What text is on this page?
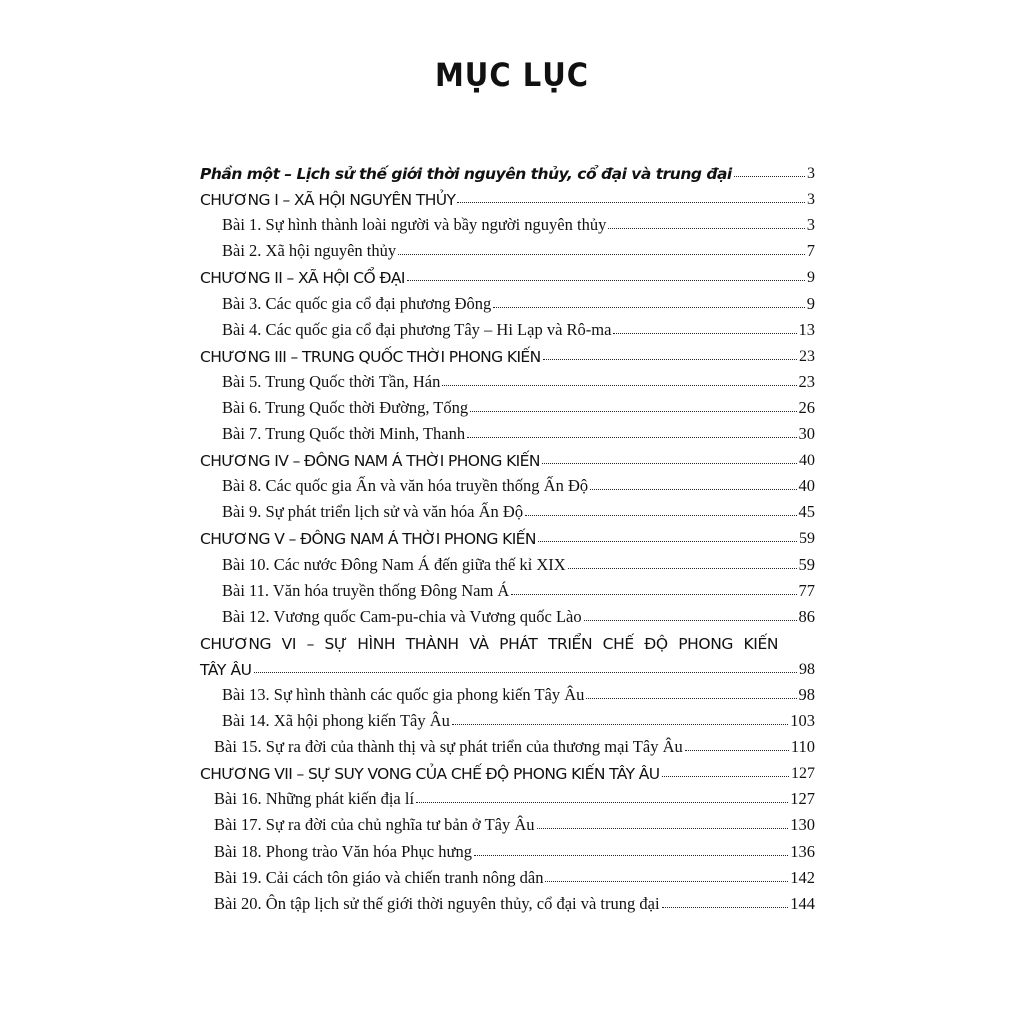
MỤC LỤC
Phần một – Lịch sử thế giới thời nguyên thủy, cổ đại và trung đại	3
CHƯƠNG I – XÃ HỘI NGUYÊN THỦY	3
Bài 1. Sự hình thành loài người và bầy người nguyên thủy	3
Bài 2. Xã hội nguyên thủy	7
CHƯƠNG II – XÃ HỘI CỔ ĐẠI	9
Bài 3. Các quốc gia cổ đại phương Đông	9
Bài 4. Các quốc gia cổ đại phương Tây – Hi Lạp và Rô-ma	13
CHƯƠNG III – TRUNG QUỐC THỜI PHONG KIẾN	23
Bài 5. Trung Quốc thời Tần, Hán	23
Bài 6. Trung Quốc thời Đường, Tống	26
Bài 7. Trung Quốc thời Minh, Thanh	30
CHƯƠNG IV – ĐÔNG NAM Á THỜI PHONG KIẾN	40
Bài 8. Các quốc gia Ấn và văn hóa truyền thống Ấn Độ	40
Bài 9. Sự phát triển lịch sử và văn hóa Ấn Độ	45
CHƯƠNG V – ĐÔNG NAM Á THỜI PHONG KIẾN	59
Bài 10. Các nước Đông Nam Á đến giữa thế kỉ XIX	59
Bài 11. Văn hóa truyền thống Đông Nam Á	77
Bài 12. Vương quốc Cam-pu-chia và Vương quốc Lào	86
CHƯƠNG VI – SỰ HÌNH THÀNH VÀ PHÁT TRIỂN CHẾ ĐỘ PHONG KIẾN
TÂY ÂU	98
Bài 13. Sự hình thành các quốc gia phong kiến Tây Âu	98
Bài 14. Xã hội phong kiến Tây Âu	103
Bài 15. Sự ra đời của thành thị và sự phát triển của thương mại Tây Âu	110
CHƯƠNG VII – SỰ SUY VONG CỦA CHẾ ĐỘ PHONG KIẾN TÂY ÂU	127
Bài 16. Những phát kiến địa lí	127
Bài 17. Sự ra đời của chủ nghĩa tư bản ở Tây Âu	130
Bài 18. Phong trào Văn hóa Phục hưng	136
Bài 19. Cải cách tôn giáo và chiến tranh nông dân	142
Bài 20. Ôn tập lịch sử thế giới thời nguyên thủy, cổ đại và trung đại	144
